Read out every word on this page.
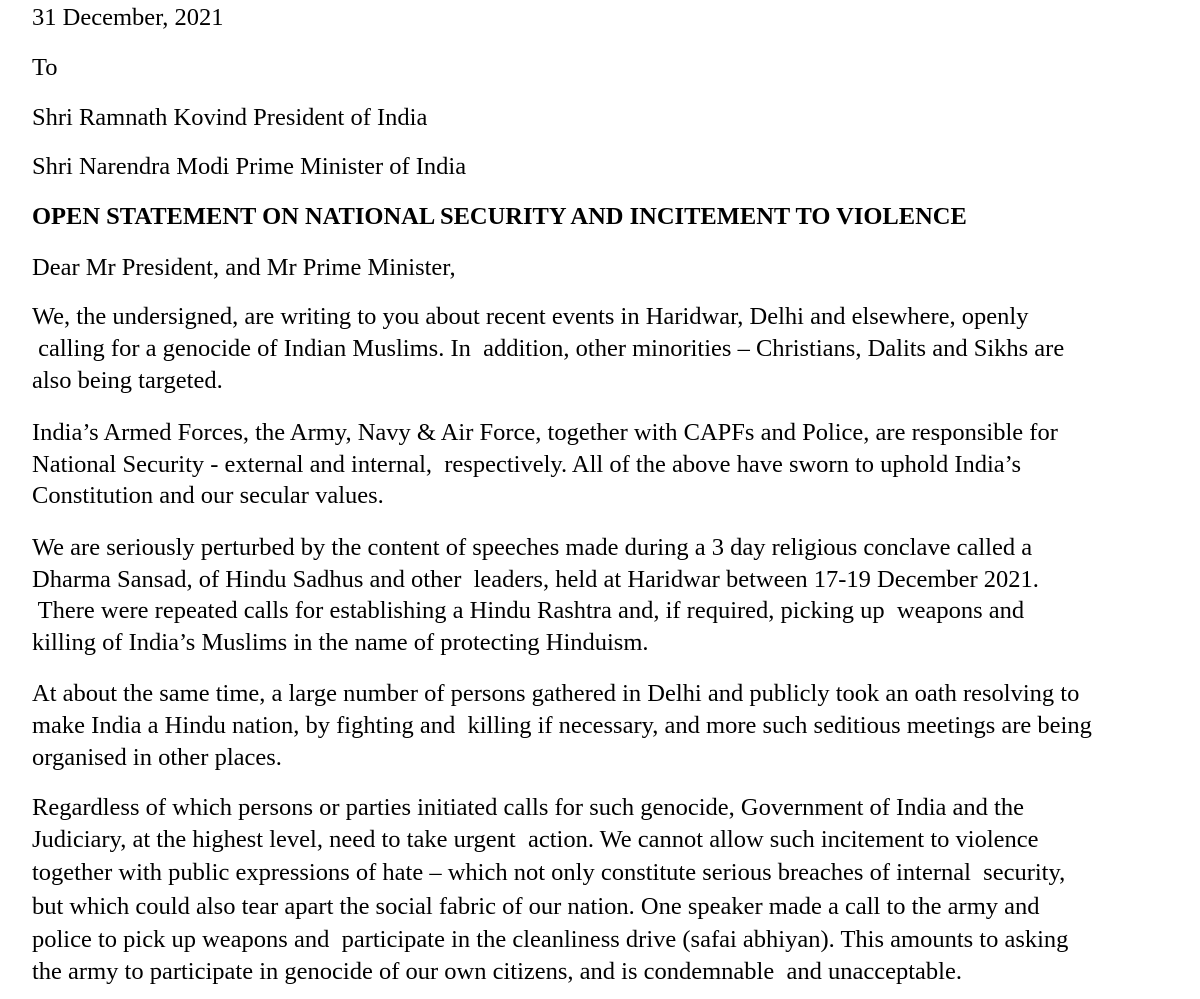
31 December, 2021
To
Shri Ramnath Kovind President of India
Shri Narendra Modi Prime Minister of India
OPEN STATEMENT ON NATIONAL SECURITY AND INCITEMENT TO VIOLENCE
Dear Mr President, and Mr Prime Minister,
We, the undersigned, are writing to you about recent events in Haridwar, Delhi and elsewhere, openly
calling for a genocide of Indian Muslims. In  addition, other minorities – Christians, Dalits and Sikhs are
also being targeted.
India’s Armed Forces, the Army, Navy & Air Force, together with CAPFs and Police, are responsible for
National Security - external and internal,  respectively. All of the above have sworn to uphold India’s
Constitution and our secular values.
We are seriously perturbed by the content of speeches made during a 3 day religious conclave called a
Dharma Sansad, of Hindu Sadhus and other  leaders, held at Haridwar between 17-19 December 2021.
There were repeated calls for establishing a Hindu Rashtra and, if required, picking up  weapons and
killing of India’s Muslims in the name of protecting Hinduism.
At about the same time, a large number of persons gathered in Delhi and publicly took an oath resolving to
make India a Hindu nation, by fighting and  killing if necessary, and more such seditious meetings are being
organised in other places.
Regardless of which persons or parties initiated calls for such genocide, Government of India and the
Judiciary, at the highest level, need to take urgent  action. We cannot allow such incitement to violence
together with public expressions of hate – which not only constitute serious breaches of internal  security,
but which could also tear apart the social fabric of our nation. One speaker made a call to the army and
police to pick up weapons and  participate in the cleanliness drive (safai abhiyan). This amounts to asking
the army to participate in genocide of our own citizens, and is condemnable  and unacceptable.
